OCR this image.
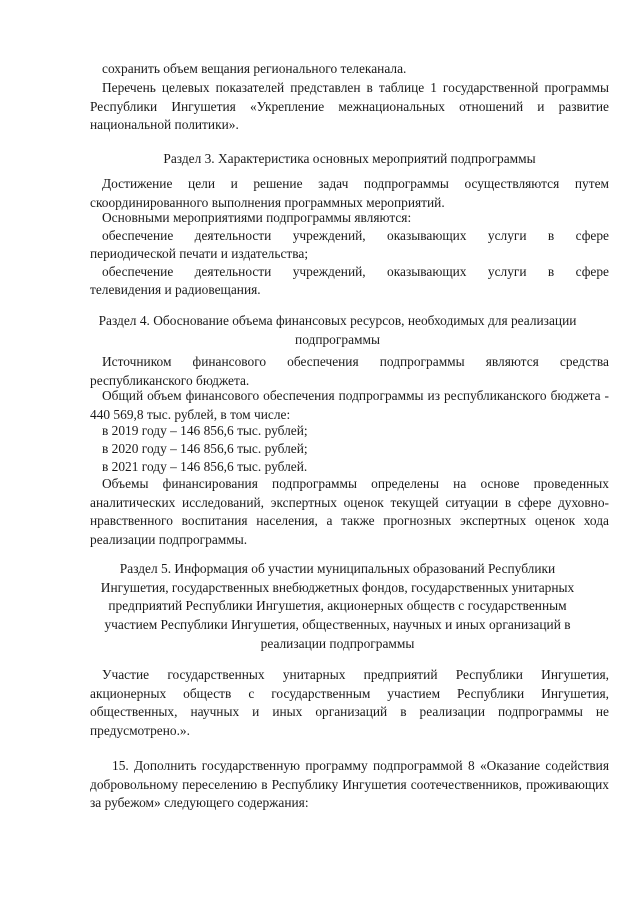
сохранить объем вещания регионального телеканала.

Перечень целевых показателей представлен в таблице 1 государственной программы Республики Ингушетия «Укрепление межнациональных отношений и развитие национальной политики».

Раздел 3. Характеристика основных мероприятий подпрограммы

Достижение цели и решение задач подпрограммы осуществляются путем скоординированного выполнения программных мероприятий.

Основными мероприятиями подпрограммы являются:

обеспечение деятельности учреждений, оказывающих услуги в сфере

периодической печати и издательства;

обеспечение деятельности учреждений, оказывающих услуги в сфере

телевидения и радиовещания.

Раздел 4. Обоснование объема финансовых ресурсов, необходимых для реализации подпрограммы

Источником финансового обеспечения подпрограммы являются средства республиканского бюджета.

Общий объем финансового обеспечения подпрограммы из республиканского бюджета - 440 569,8 тыс. рублей, в том числе:

в 2019 году – 146 856,6 тыс. рублей;

в 2020 году – 146 856,6 тыс. рублей;

в 2021 году – 146 856,6 тыс. рублей.

Объемы финансирования подпрограммы определены на основе проведенных аналитических исследований, экспертных оценок текущей ситуации в сфере духовно-нравственного воспитания населения, а также прогнозных экспертных оценок хода реализации подпрограммы.

Раздел 5. Информация об участии муниципальных образований Республики
Ингушетия, государственных внебюджетных фондов, государственных унитарных
предприятий Республики Ингушетия, акционерных обществ с государственным
участием Республики Ингушетия, общественных, научных и иных организаций в
реализации подпрограммы

Участие государственных унитарных предприятий Республики Ингушетия, акционерных обществ с государственным участием Республики Ингушетия, общественных, научных и иных организаций в реализации подпрограммы не предусмотрено.».

15. Дополнить государственную программу подпрограммой 8 «Оказание содействия добровольному переселению в Республику Ингушетия соотечественников, проживающих за рубежом» следующего содержания:
